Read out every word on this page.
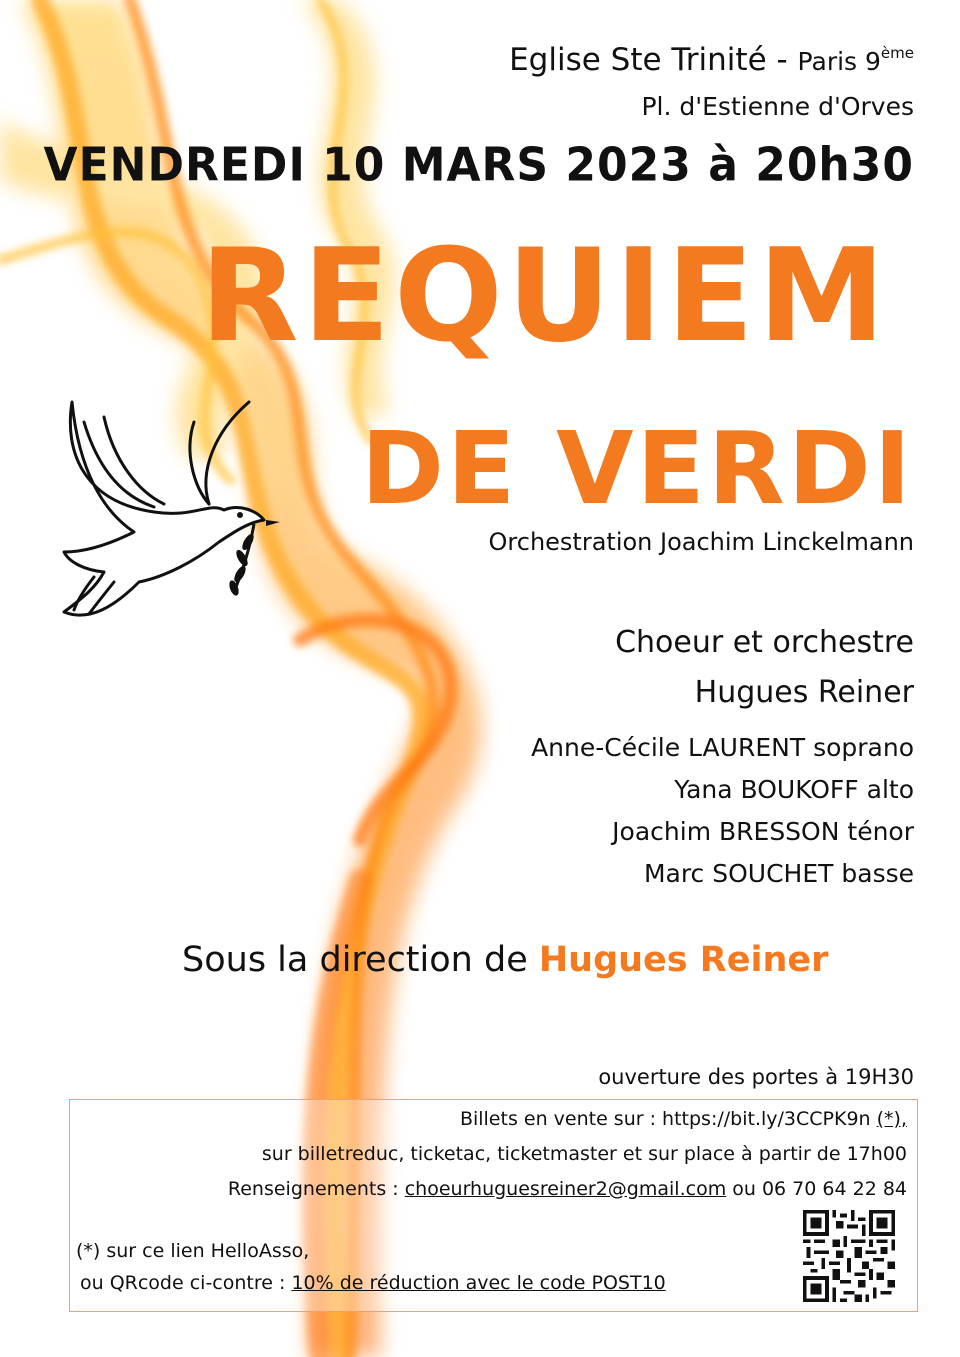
Eglise Ste Trinité - Paris 9ème
Pl. d'Estienne d'Orves
VENDREDI 10 MARS 2023 à 20h30
REQUIEM
DE VERDI
Orchestration Joachim Linckelmann
Choeur et orchestre
Hugues Reiner
Anne-Cécile LAURENT soprano
Yana BOUKOFF alto
Joachim BRESSON ténor
Marc SOUCHET basse
Sous la direction de Hugues Reiner
ouverture des portes à 19H30
Billets en vente sur : https://bit.ly/3CCPK9n (*),
sur billetreduc, ticketac, ticketmaster et sur place à partir de 17h00
Renseignements : choeurhuguesreiner2@gmail.com ou 06 70 64 22 84
(*) sur ce lien HelloAsso,
ou QRcode ci-contre : 10% de réduction avec le code POST10
